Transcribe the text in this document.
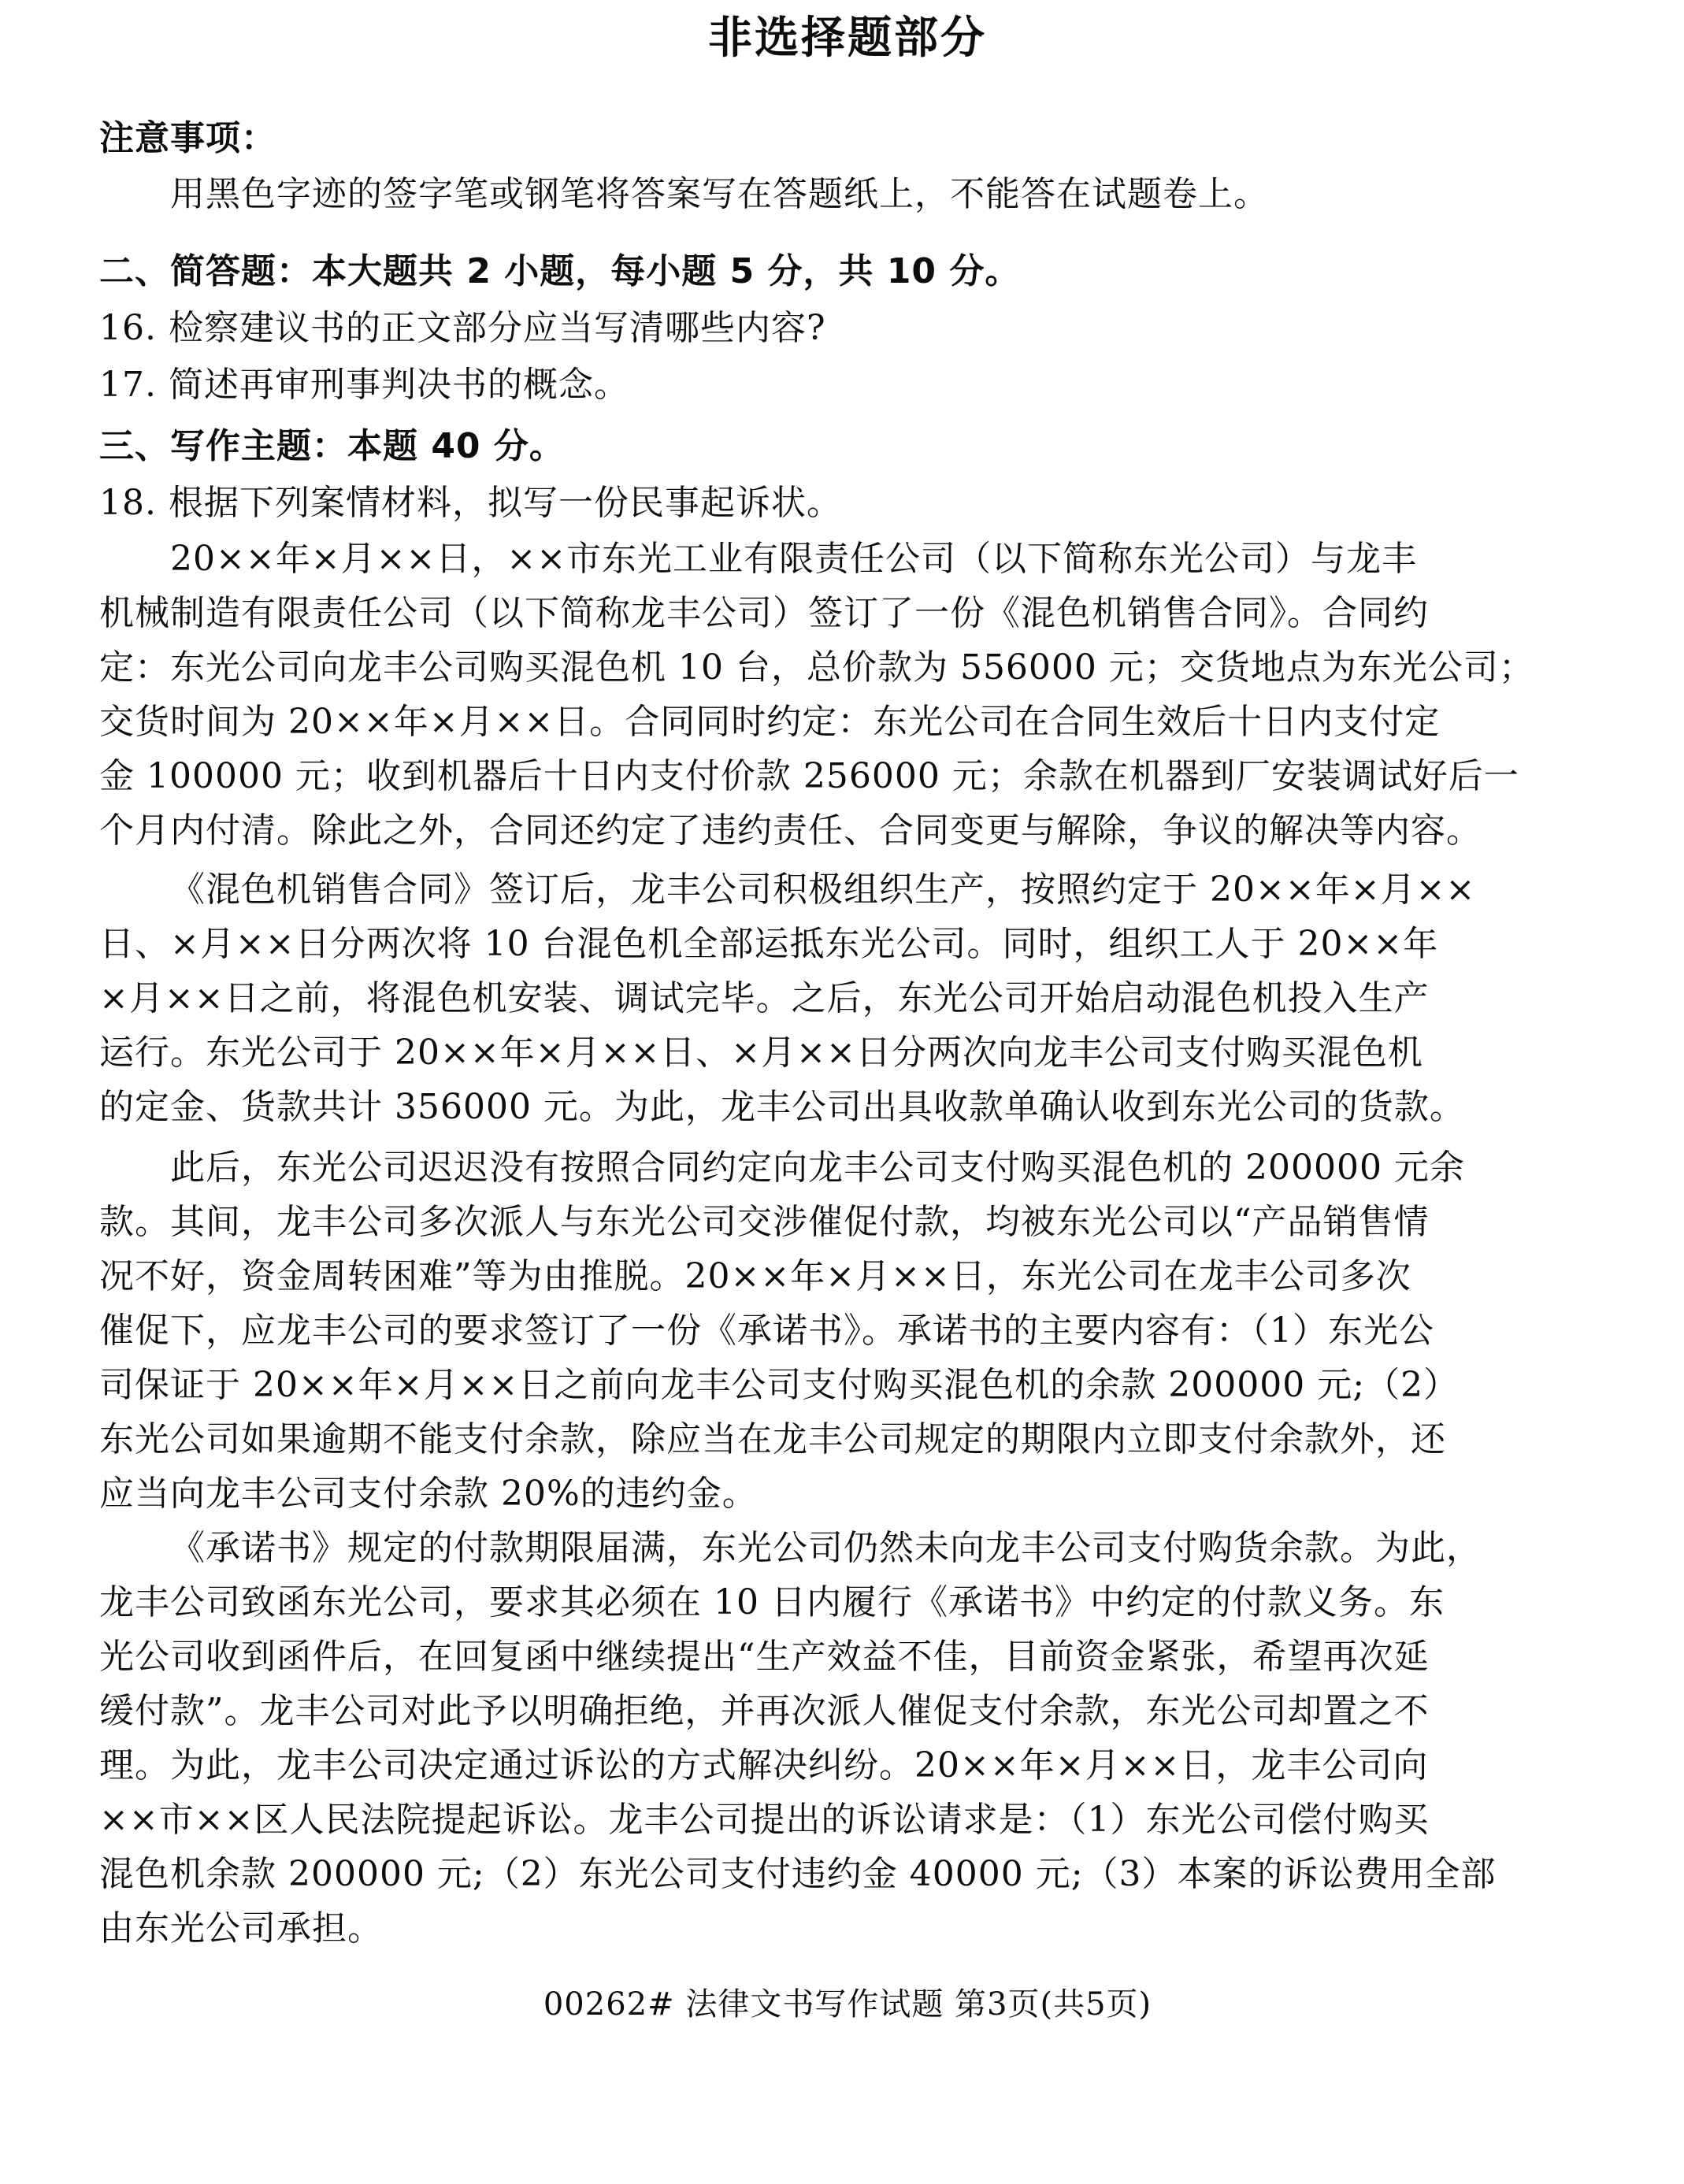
非选择题部分
注意事项：
用黑色字迹的签字笔或钢笔将答案写在答题纸上，不能答在试题卷上。
二、简答题：本大题共 2 小题，每小题 5 分，共 10 分。
16. 检察建议书的正文部分应当写清哪些内容?
17. 简述再审刑事判决书的概念。
三、写作主题：本题 40 分。
18. 根据下列案情材料，拟写一份民事起诉状。
20××年×月××日，××市东光工业有限责任公司（以下简称东光公司）与龙丰
机械制造有限责任公司（以下简称龙丰公司）签订了一份《混色机销售合同》。合同约
定：东光公司向龙丰公司购买混色机 10 台，总价款为 556000 元；交货地点为东光公司；
交货时间为 20××年×月××日。合同同时约定：东光公司在合同生效后十日内支付定
金 100000 元；收到机器后十日内支付价款 256000 元；余款在机器到厂安装调试好后一
个月内付清。除此之外，合同还约定了违约责任、合同变更与解除，争议的解决等内容。
《混色机销售合同》签订后，龙丰公司积极组织生产，按照约定于 20××年×月××
日、×月××日分两次将 10 台混色机全部运抵东光公司。同时，组织工人于 20××年
×月××日之前，将混色机安装、调试完毕。之后，东光公司开始启动混色机投入生产
运行。东光公司于 20××年×月××日、×月××日分两次向龙丰公司支付购买混色机
的定金、货款共计 356000 元。为此，龙丰公司出具收款单确认收到东光公司的货款。
此后，东光公司迟迟没有按照合同约定向龙丰公司支付购买混色机的 200000 元余
款。其间，龙丰公司多次派人与东光公司交涉催促付款，均被东光公司以“产品销售情
况不好，资金周转困难”等为由推脱。20××年×月××日，东光公司在龙丰公司多次
催促下，应龙丰公司的要求签订了一份《承诺书》。承诺书的主要内容有：（1）东光公
司保证于 20××年×月××日之前向龙丰公司支付购买混色机的余款 200000 元;（2）
东光公司如果逾期不能支付余款，除应当在龙丰公司规定的期限内立即支付余款外，还
应当向龙丰公司支付余款 20%的违约金。
《承诺书》规定的付款期限届满，东光公司仍然未向龙丰公司支付购货余款。为此，
龙丰公司致函东光公司，要求其必须在 10 日内履行《承诺书》中约定的付款义务。东
光公司收到函件后，在回复函中继续提出“生产效益不佳，目前资金紧张，希望再次延
缓付款”。龙丰公司对此予以明确拒绝，并再次派人催促支付余款，东光公司却置之不
理。为此，龙丰公司决定通过诉讼的方式解决纠纷。20××年×月××日，龙丰公司向
××市××区人民法院提起诉讼。龙丰公司提出的诉讼请求是：（1）东光公司偿付购买
混色机余款 200000 元;（2）东光公司支付违约金 40000 元;（3）本案的诉讼费用全部
由东光公司承担。
00262# 法律文书写作试题 第3页(共5页)
